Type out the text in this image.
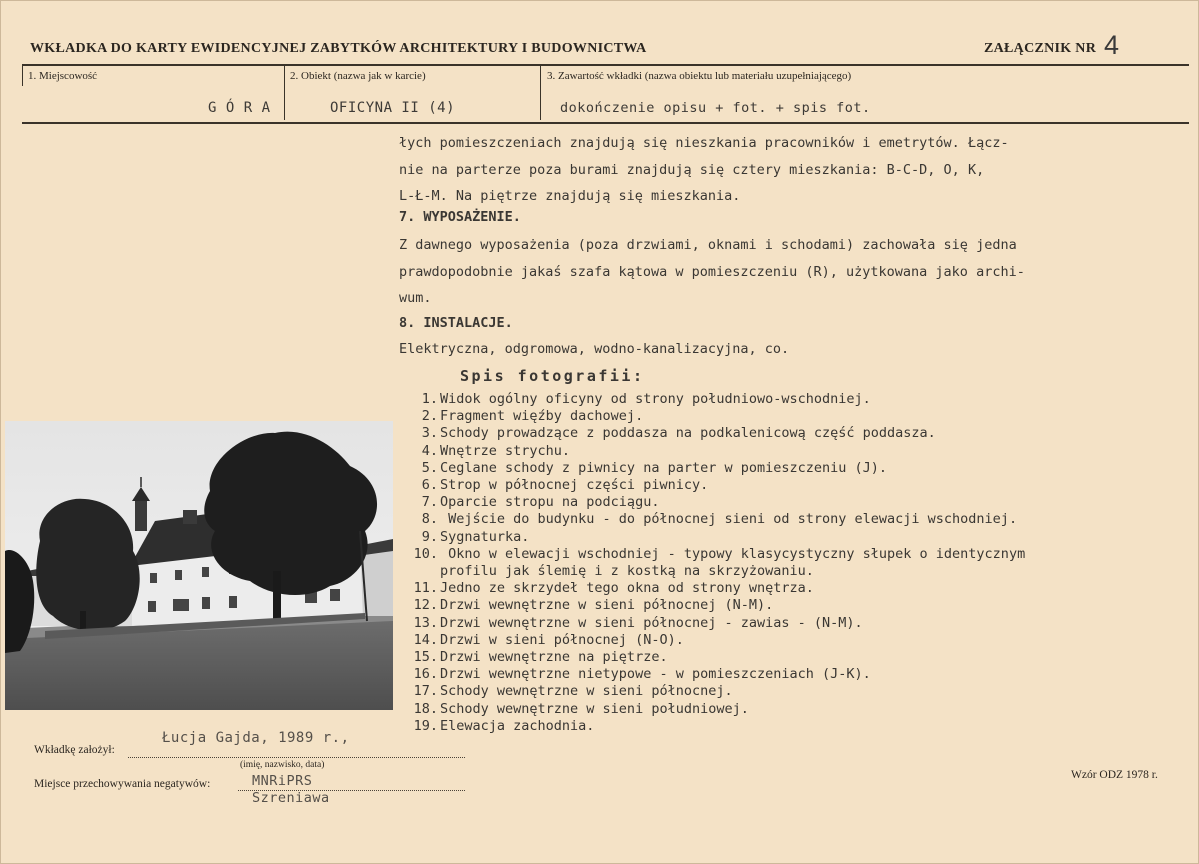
WKŁADKA DO KARTY EWIDENCYJNEJ ZABYTKÓW ARCHITEKTURY I BUDOWNICTWA	ZAŁĄCZNIK NR 4
1. Miejscowość	2. Obiekt (nazwa jak w karcie)	3. Zawartość wkładki (nazwa obiektu lub materiału uzupełniającego)
G Ó R A	OFICYNA II (4)	dokończenie opisu + fot. + spis fot.
łych pomieszczeniach znajdują się nieszkania pracowników i emetrytów. Łącz-
nie na parterze poza burami znajdują się cztery mieszkania: B-C-D, O, K,
L-Ł-M. Na piętrze znajdują się mieszkania.
7. WYPOSAŻENIE.
Z dawnego wyposażenia (poza drzwiami, oknami i schodami) zachowała się jedna
prawdopodobnie jakaś szafa kątowa w pomieszczeniu (R), użytkowana jako archi-
wum.
8. INSTALACJE.
Elektryczna, odgromowa, wodno-kanalizacyjna, co.
Spis fotografii:
1. Widok ogólny oficyny od strony południowo-wschodniej.
2. Fragment więźby dachowej.
3. Schody prowadzące z poddasza na podkalenicową część poddasza.
4. Wnętrze strychu.
5. Ceglane schody z piwnicy na parter w pomieszczeniu (J).
6. Strop w północnej części piwnicy.
7. Oparcie stropu na podciągu.
8. Wejście do budynku - do północnej sieni od strony elewacji wschodniej.
9. Sygnaturka.
10. Okno w elewacji wschodniej - typowy klasycystyczny słupek o identycznym
profilu jak ślemię i z kostką na skrzyżowaniu.
11. Jedno ze skrzydeł tego okna od strony wnętrza.
12. Drzwi wewnętrzne w sieni północnej (N-M).
13. Drzwi wewnętrzne w sieni północnej - zawias - (N-M).
14. Drzwi w sieni północnej (N-O).
15. Drzwi wewnętrzne na piętrze.
16. Drzwi wewnętrzne nietypowe - w pomieszczeniach (J-K).
17. Schody wewnętrzne w sieni północnej.
18. Schody wewnętrzne w sieni południowej.
19. Elewacja zachodnia.
Wkładkę założył:
Łucja Gajda, 1989 r.,
(imię, nazwisko, data)
Miejsce przechowywania negatywów:	MNRiPRS
Szreniawa
Wzór ODZ 1978 r.
